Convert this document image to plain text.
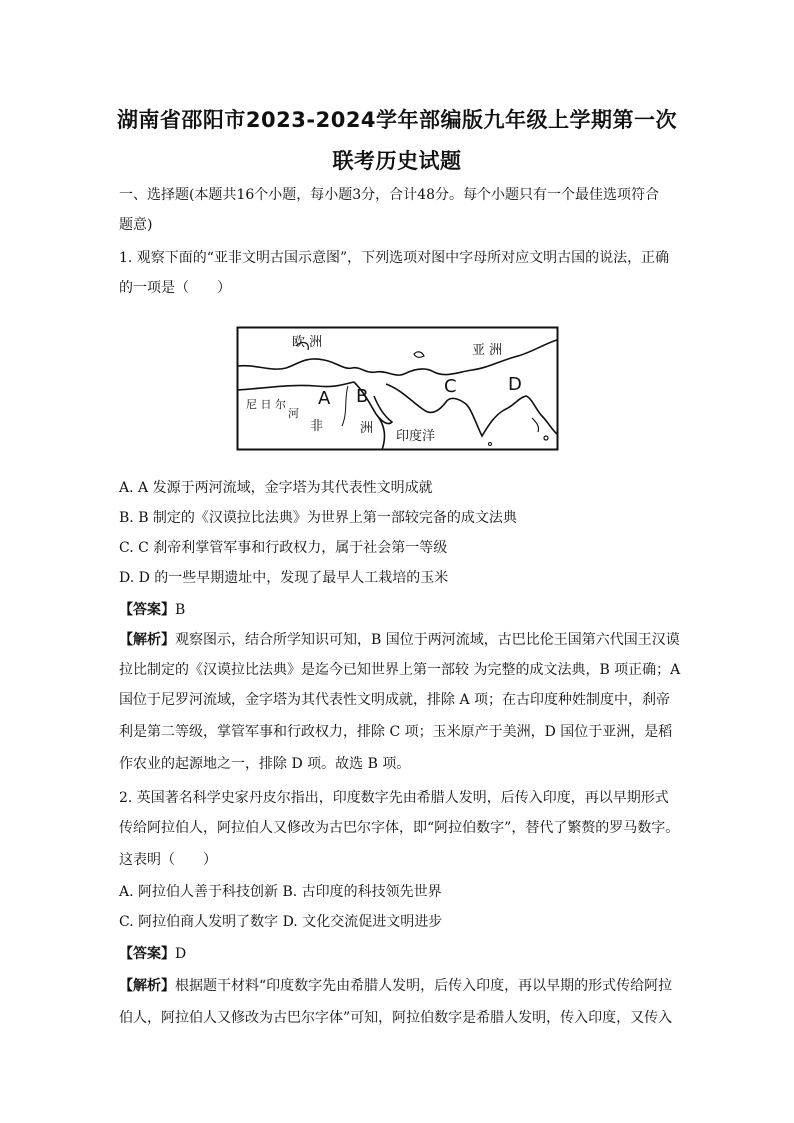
湖南省邵阳市2023-2024学年部编版九年级上学期第一次
联考历史试题
一、选择题(本题共16个小题，每小题3分，合计48分。每个小题只有一个最佳选项符合
题意)
1. 观察下面的“亚非文明古国示意图”，下列选项对图中字母所对应文明古国的说法，正确
的一项是（　　）
欧 洲
亚 洲
尼 日 尔
河
非	洲
印度洋
A B	C	D
A. A 发源于两河流域，金字塔为其代表性文明成就
B. B 制定的《汉谟拉比法典》为世界上第一部较完备的成文法典
C. C 刹帝利掌管军事和行政权力，属于社会第一等级
D. D 的一些早期遗址中，发现了最早人工栽培的玉米
【答案】B
【解析】观察图示，结合所学知识可知，B 国位于两河流域，古巴比伦王国第六代国王汉谟
拉比制定的《汉谟拉比法典》是迄今已知世界上第一部较 为完整的成文法典，B 项正确；A
国位于尼罗河流域，金字塔为其代表性文明成就，排除 A 项；在古印度种姓制度中，刹帝
利是第二等级，掌管军事和行政权力，排除 C 项；玉米原产于美洲，D 国位于亚洲，是稻
作农业的起源地之一，排除 D 项。故选 B 项。
2. 英国著名科学史家丹皮尔指出，印度数字先由希腊人发明，后传入印度，再以早期形式
传给阿拉伯人，阿拉伯人又修改为古巴尔字体，即“阿拉伯数字”，替代了繁赘的罗马数字。
这表明（　　）
A. 阿拉伯人善于科技创新 B. 古印度的科技领先世界
C. 阿拉伯商人发明了数字 D. 文化交流促进文明进步
【答案】D
【解析】根据题干材料“印度数字先由希腊人发明，后传入印度，再以早期的形式传给阿拉
伯人，阿拉伯人又修改为古巴尔字体”可知，阿拉伯数字是希腊人发明，传入印度，又传入
